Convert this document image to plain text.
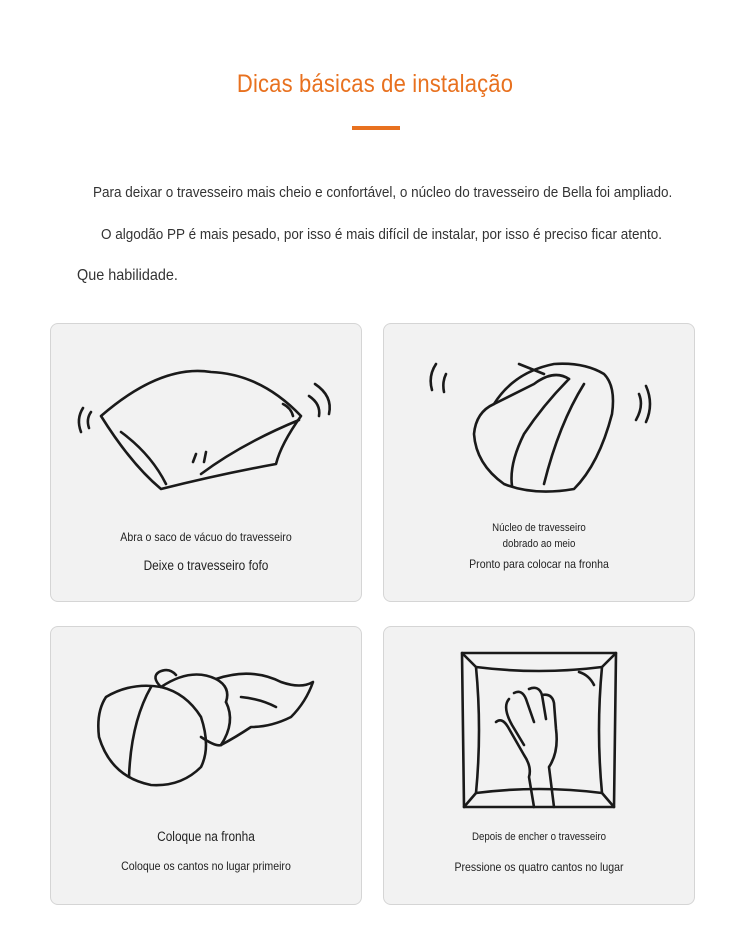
Dicas básicas de instalação
Para deixar o travesseiro mais cheio e confortável, o núcleo do travesseiro de Bella foi ampliado.
O algodão PP é mais pesado, por isso é mais difícil de instalar, por isso é preciso ficar atento.
Que habilidade.
Abra o saco de vácuo do travesseiro
Deixe o travesseiro fofo
Núcleo de travesseiro
dobrado ao meio
Pronto para colocar na fronha
Coloque na fronha
Coloque os cantos no lugar primeiro
Depois de encher o travesseiro
Pressione os quatro cantos no lugar
